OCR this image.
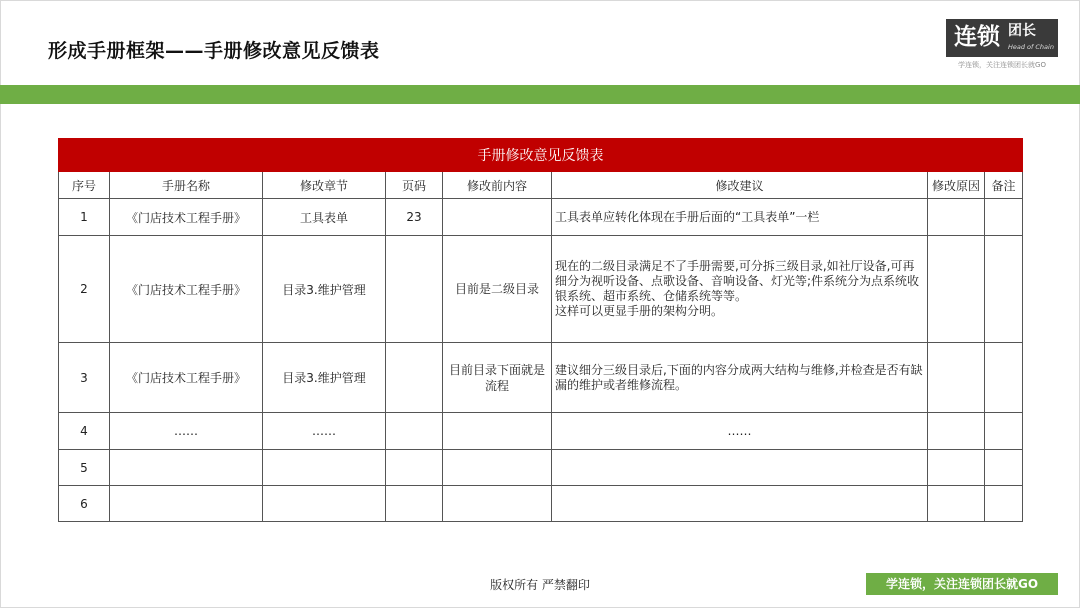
形成手册框架——手册修改意见反馈表
连锁 团长
Head of Chain
学连锁，关注连锁团长就GO
手册修改意见反馈表							
序号	手册名称	修改章节	页码	修改前内容	修改建议	修改原因	备注
1	《门店技术工程手册》	工具表单	23		工具表单应转化体现在手册后面的“工具表单”一栏		
2	《门店技术工程手册》	目录3.维护管理		目前是二级目录	现在的二级目录满足不了手册需要,可分拆三级目录,如社厅设备,可再细分为视听设备、点歌设备、音响设备、灯光等;件系统分为点系统收银系统、超市系统、仓储系统等等。
这样可以更显手册的架构分明。		
3	《门店技术工程手册》	目录3.维护管理		目前目录下面就是流程	建议细分三级目录后,下面的内容分成两大结构与维修,并检查是否有缺漏的维护或者维修流程。		
4	……	……			……		
5							
6							
版权所有 严禁翻印	学连锁，关注连锁团长就GO
